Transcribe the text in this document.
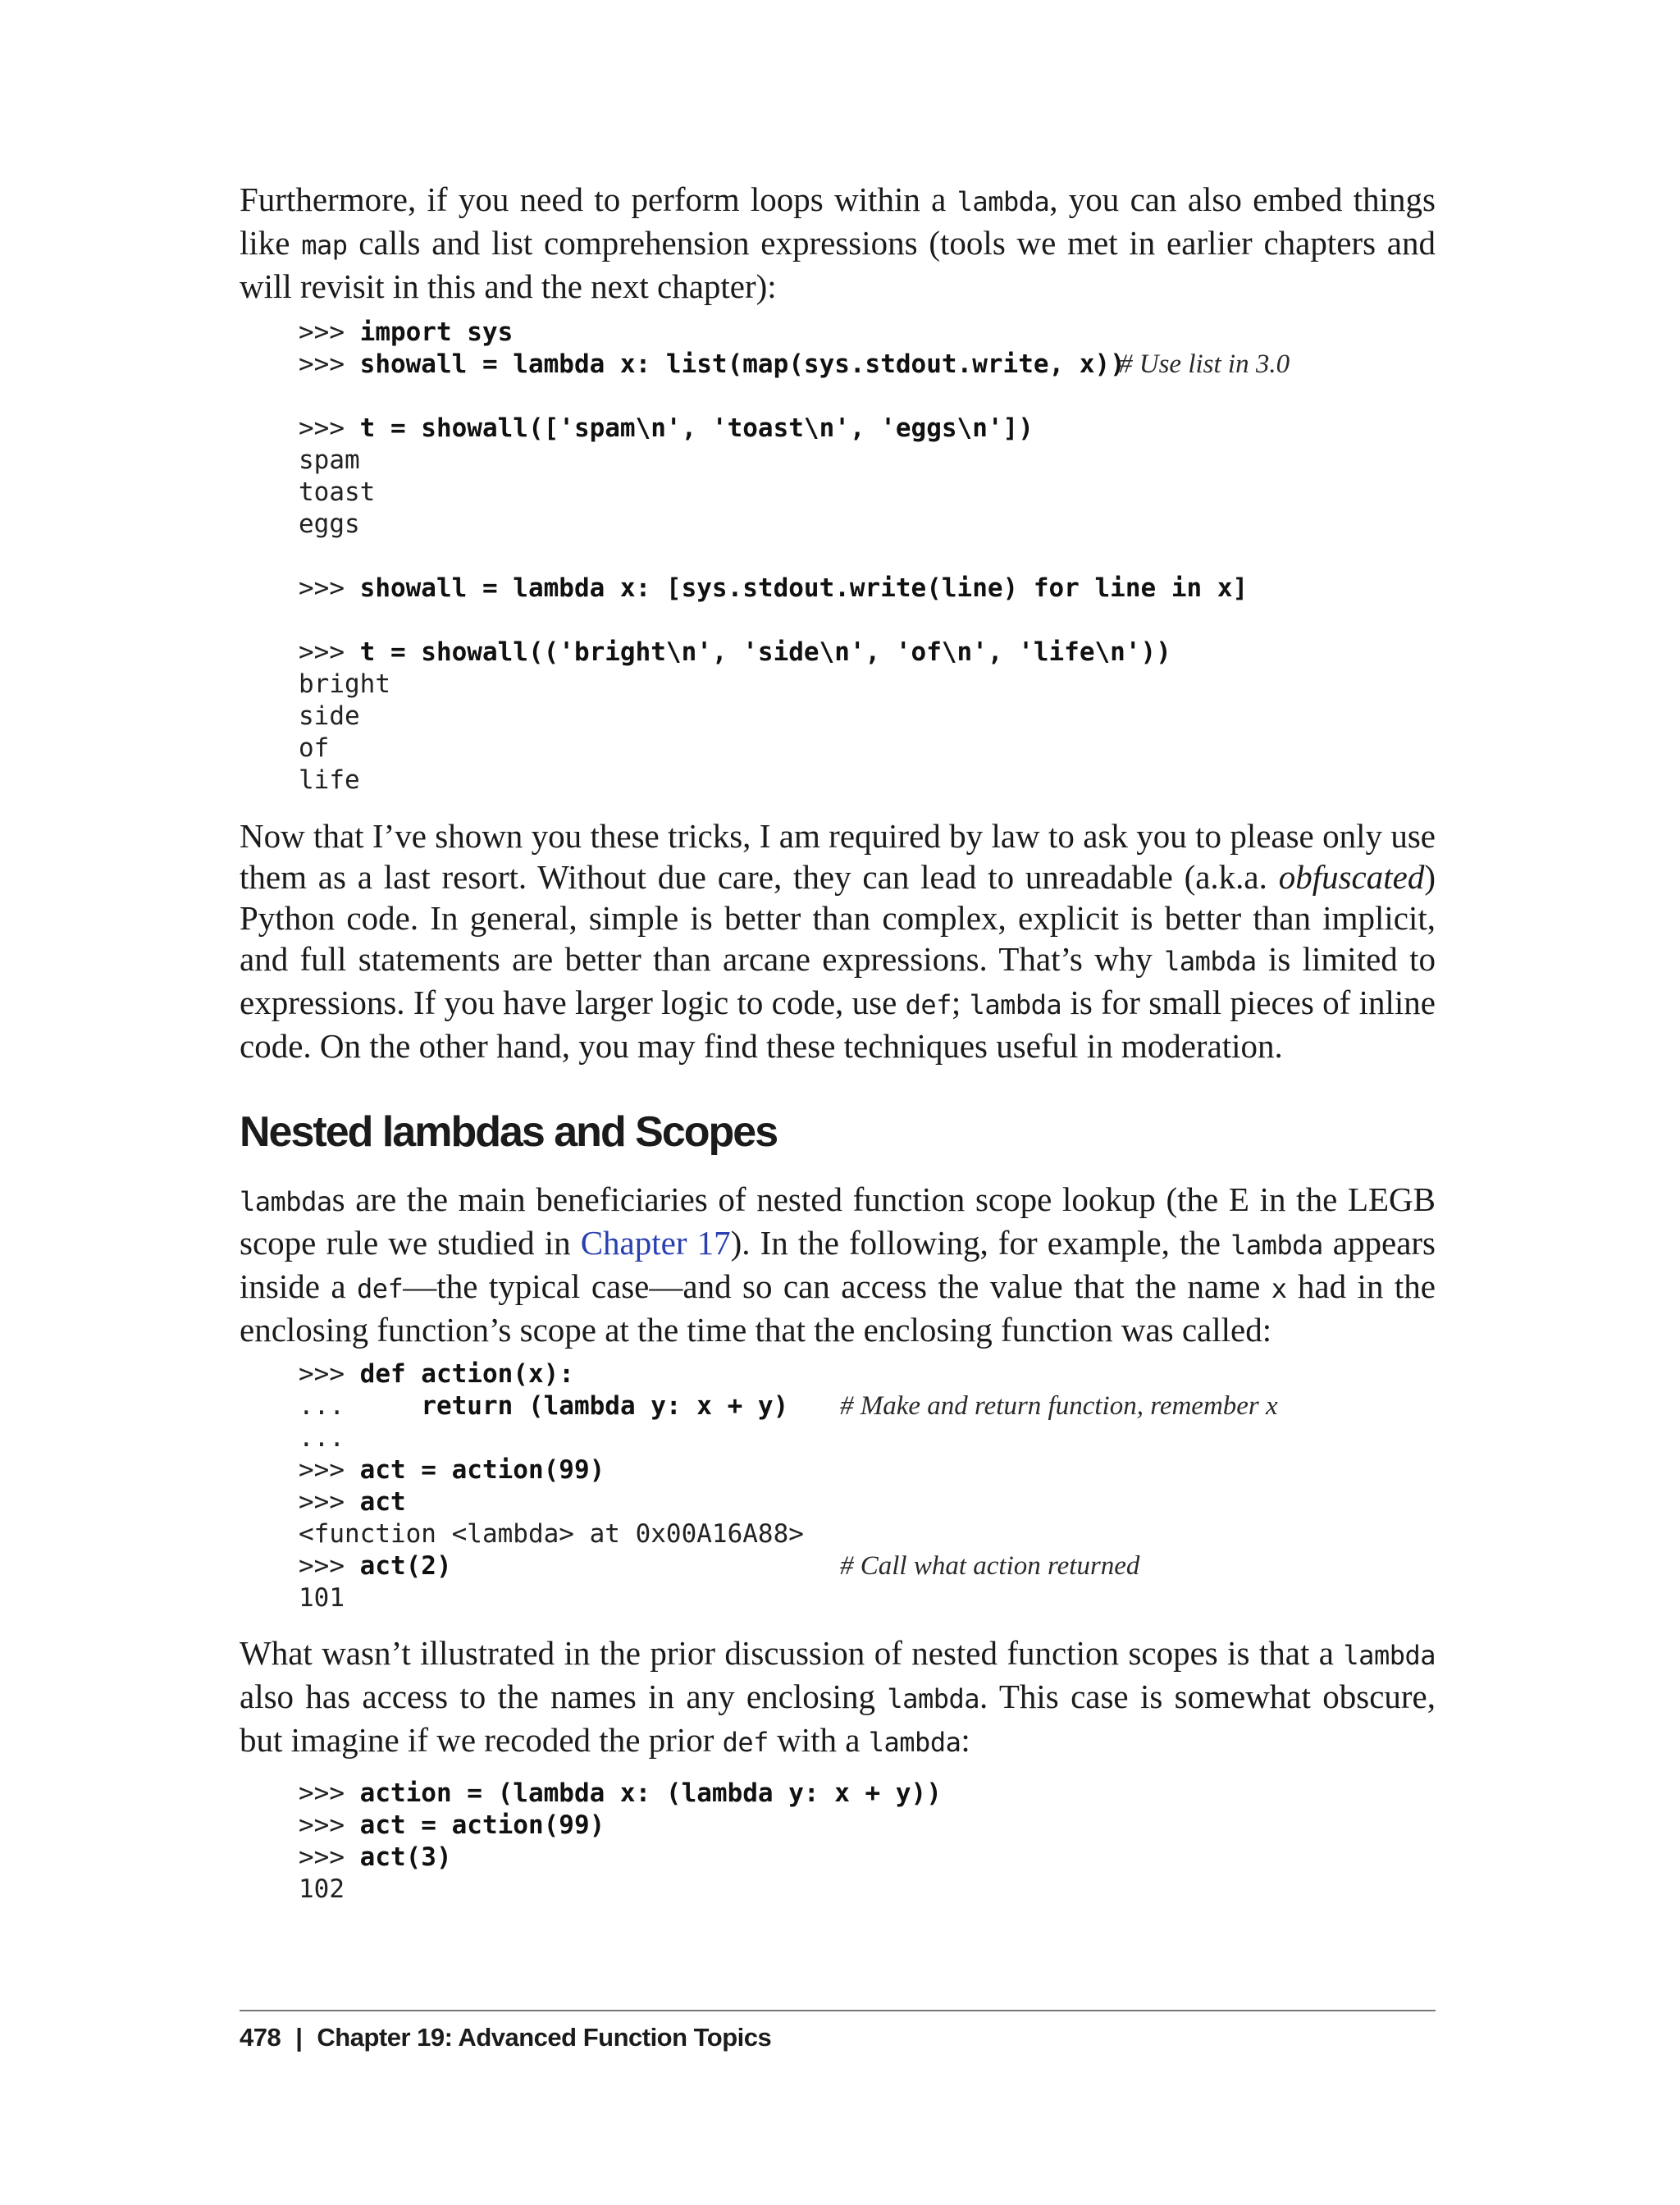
Furthermore, if you need to perform loops within a lambda, you can also embed things like map calls and list comprehension expressions (tools we met in earlier chapters and will revisit in this and the next chapter):

>>> import sys
>>> showall = lambda x: list(map(sys.stdout.write, x))
# Use list in 3.0
>>> t = showall(['spam\n', 'toast\n', 'eggs\n'])
spam
toast
eggs
>>> showall = lambda x: [sys.stdout.write(line) for line in x]
>>> t = showall(('bright\n', 'side\n', 'of\n', 'life\n'))
bright
side
of
life

Now that I’ve shown you these tricks, I am required by law to ask you to please only use them as a last resort. Without due care, they can lead to unreadable (a.k.a. obfuscated) Python code. In general, simple is better than complex, explicit is better than implicit, and full statements are better than arcane expressions. That’s why lambda is limited to expressions. If you have larger logic to code, use def; lambda is for small pieces of inline code. On the other hand, you may find these techniques useful in moderation.

Nested lambdas and Scopes

lambdas are the main beneficiaries of nested function scope lookup (the E in the LEGB scope rule we studied in Chapter 17). In the following, for example, the lambda appears inside a def—the typical case—and so can access the value that the name x had in the enclosing function’s scope at the time that the enclosing function was called:

>>> def action(x):
...     return (lambda y: x + y) # Make and return function, remember x
...
>>> act = action(99)
>>> act
<function <lambda> at 0x00A16A88>
>>> act(2)	# Call what action returned
101

What wasn’t illustrated in the prior discussion of nested function scopes is that a lambda also has access to the names in any enclosing lambda. This case is somewhat obscure, but imagine if we recoded the prior def with a lambda:

>>> action = (lambda x: (lambda y: x + y))
>>> act = action(99)
>>> act(3)
102
478 | Chapter 19: Advanced Function Topics
